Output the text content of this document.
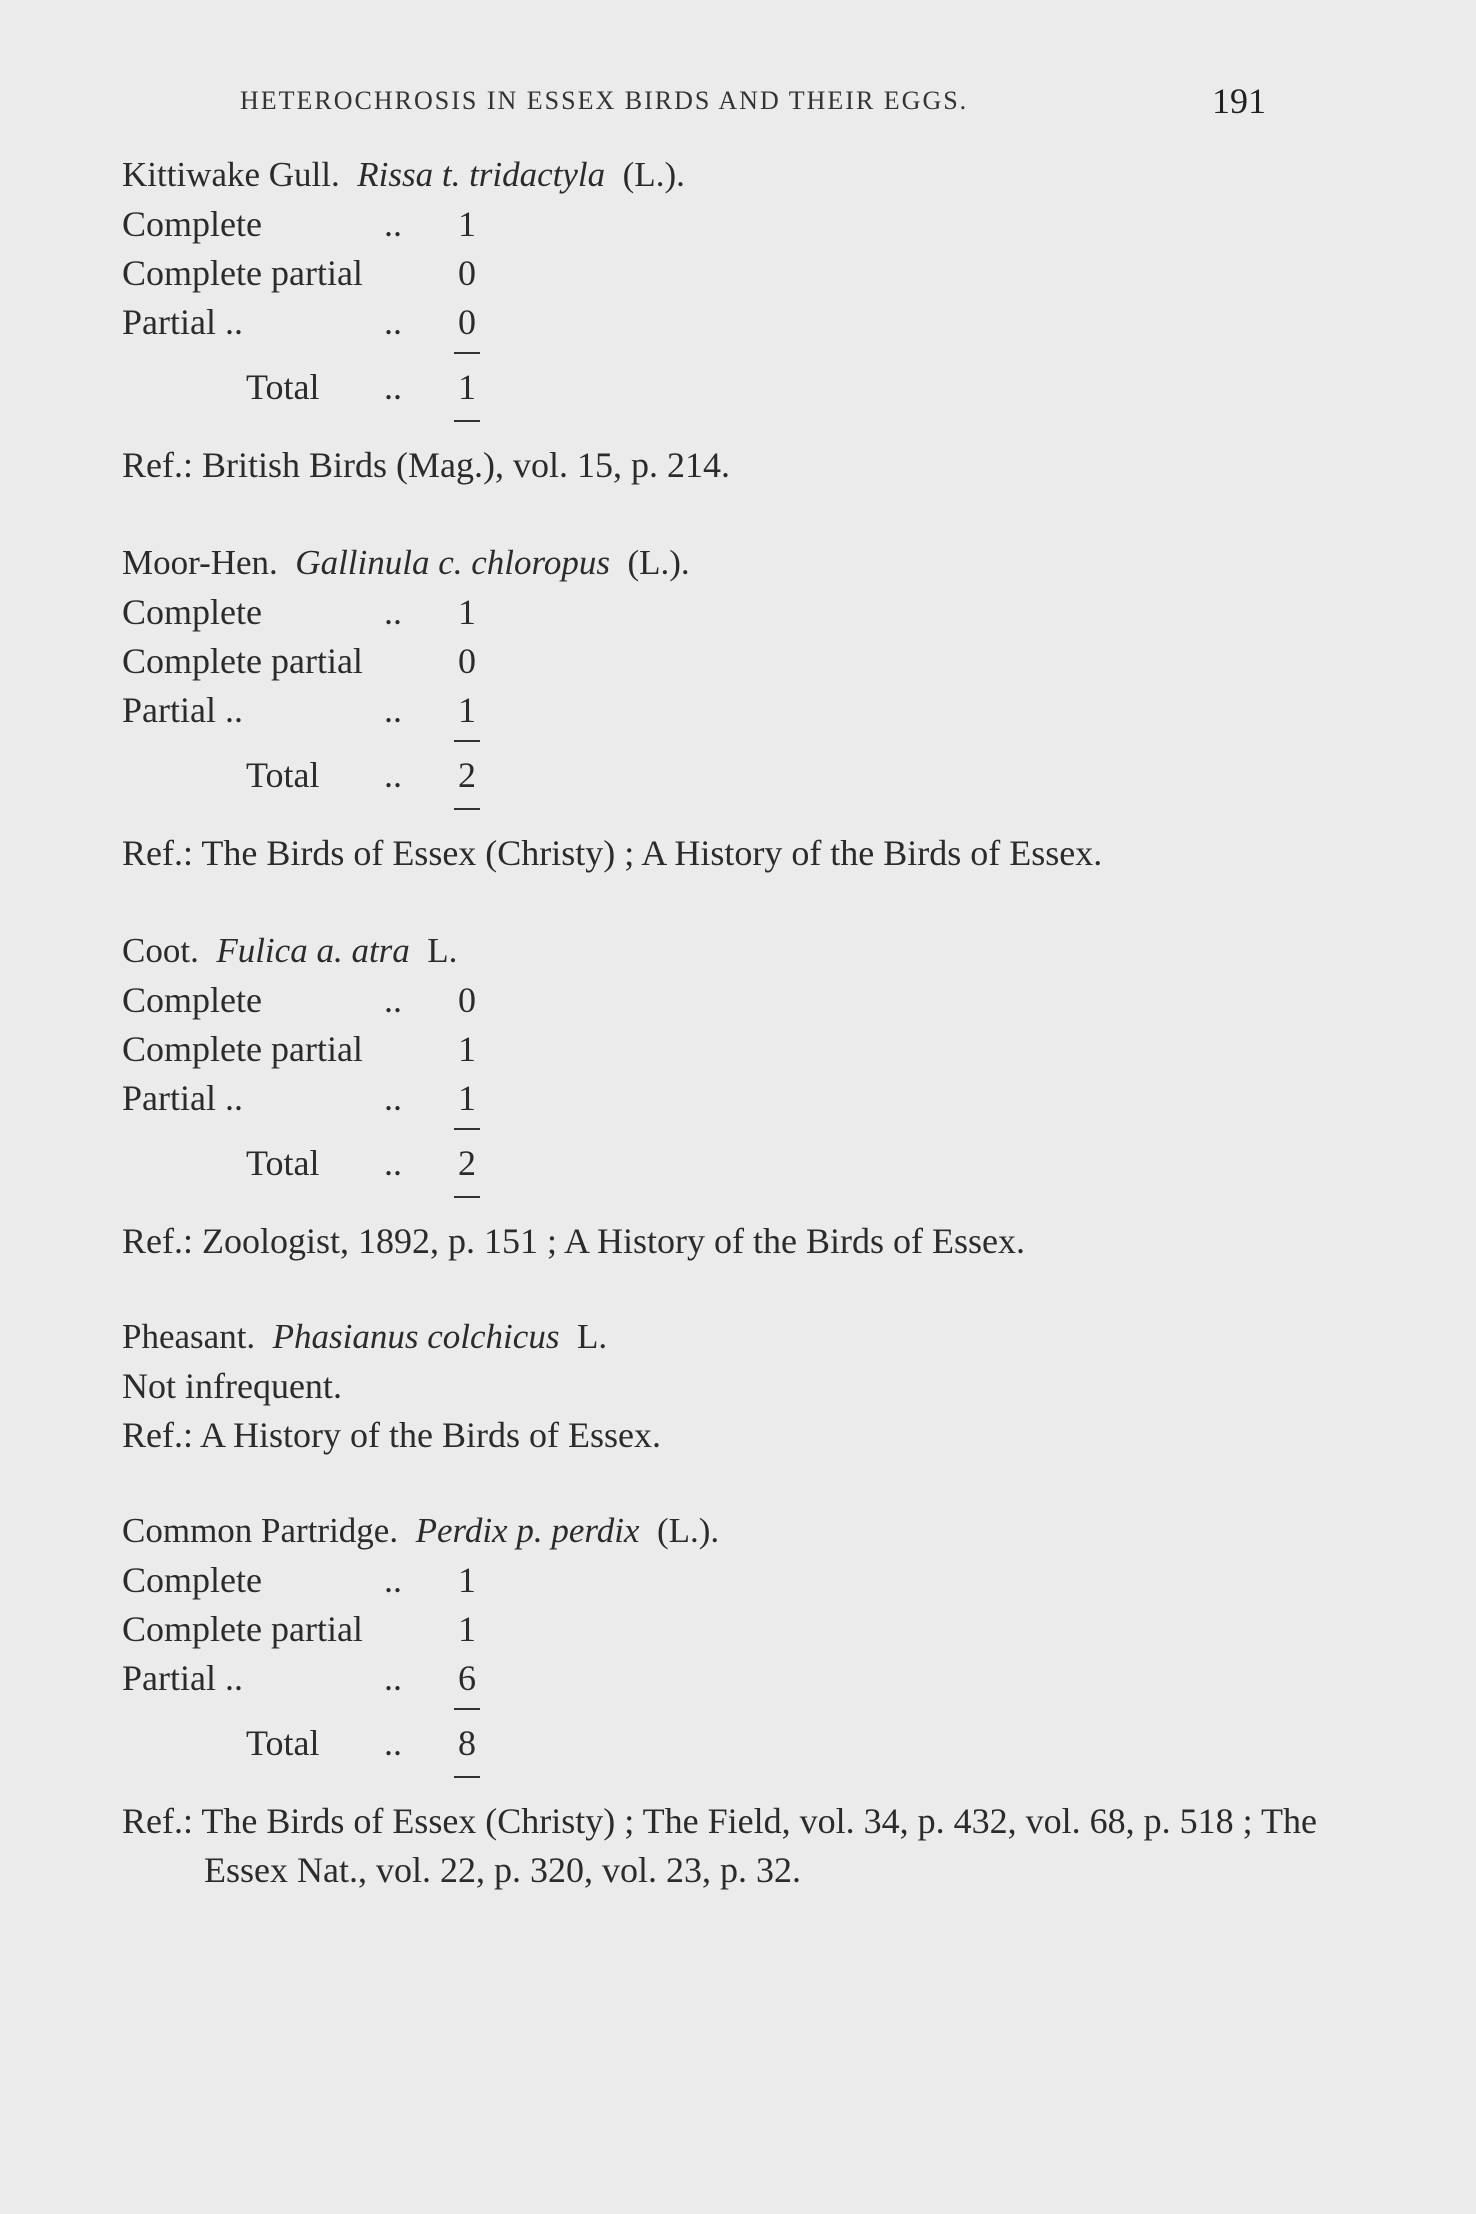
HETEROCHROSIS IN ESSEX BIRDS AND THEIR EGGS.	191
Kittiwake Gull. Rissa t. tridactyla (L.).
Complete	.. 1
Complete partial	0
Partial ..	.. 0
Total .. 1
Ref.: British Birds (Mag.), vol. 15, p. 214.
Moor-Hen. Gallinula c. chloropus (L.).
Complete	.. 1
Complete partial	0
Partial ..	.. 1
Total .. 2
Ref.: The Birds of Essex (Christy) ; A History of the Birds of Essex.
Coot. Fulica a. atra L.
Complete	.. 0
Complete partial	1
Partial ..	.. 1
Total .. 2
Ref.: Zoologist, 1892, p. 151 ; A History of the Birds of Essex.
Pheasant. Phasianus colchicus L.
Not infrequent.
Ref.: A History of the Birds of Essex.
Common Partridge. Perdix p. perdix (L.).
Complete	.. 1
Complete partial	1
Partial ..	.. 6
Total .. 8
Ref.: The Birds of Essex (Christy) ; The Field, vol. 34, p. 432, vol. 68, p. 518 ; The Essex Nat., vol. 22, p. 320, vol. 23, p. 32.
